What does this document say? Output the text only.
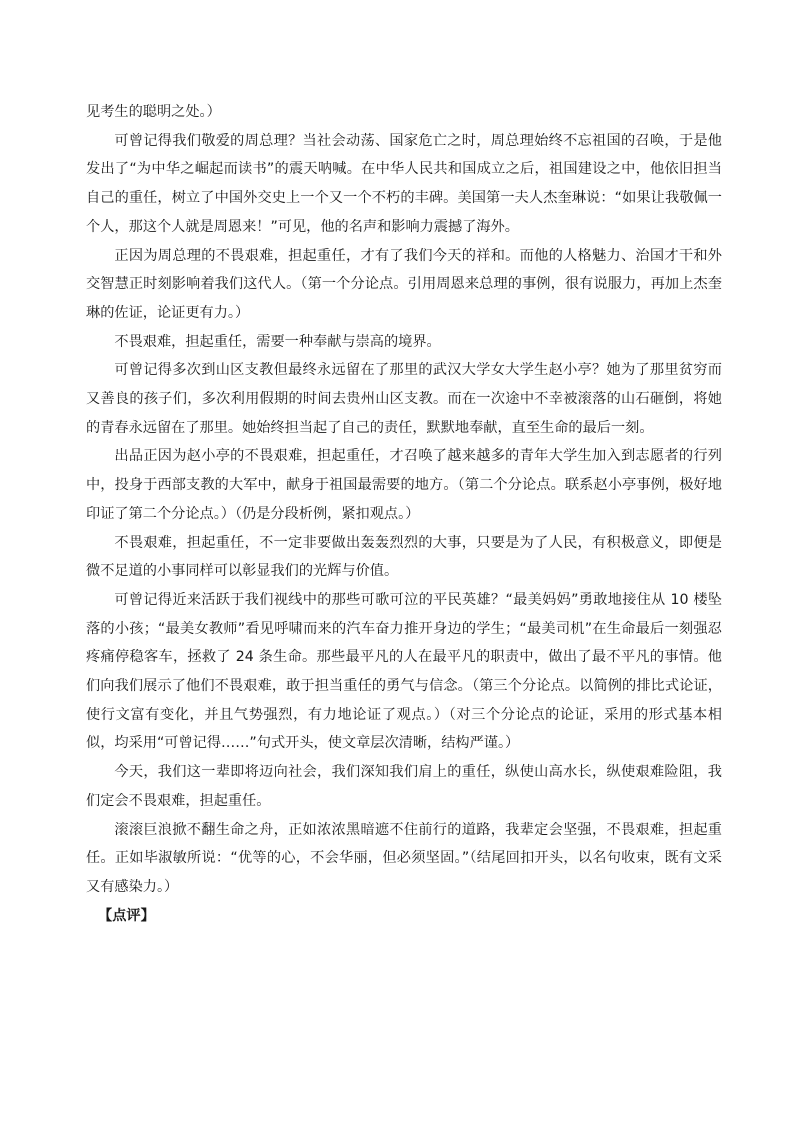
见考生的聪明之处。）

可曾记得我们敬爱的周总理？当社会动荡、国家危亡之时，周总理始终不忘祖国的召唤，于是他发出了“为中华之崛起而读书”的震天呐喊。在中华人民共和国成立之后，祖国建设之中，他依旧担当自己的重任，树立了中国外交史上一个又一个不朽的丰碑。美国第一夫人杰奎琳说：“如果让我敬佩一个人，那这个人就是周恩来！”可见，他的名声和影响力震撼了海外。

正因为周总理的不畏艰难，担起重任，才有了我们今天的祥和。而他的人格魅力、治国才干和外交智慧正时刻影响着我们这代人。（第一个分论点。引用周恩来总理的事例，很有说服力，再加上杰奎琳的佐证，论证更有力。）

不畏艰难，担起重任，需要一种奉献与崇高的境界。

可曾记得多次到山区支教但最终永远留在了那里的武汉大学女大学生赵小亭？她为了那里贫穷而又善良的孩子们，多次利用假期的时间去贵州山区支教。而在一次途中不幸被滚落的山石砸倒，将她的青春永远留在了那里。她始终担当起了自己的责任，默默地奉献，直至生命的最后一刻。

出品正因为赵小亭的不畏艰难，担起重任，才召唤了越来越多的青年大学生加入到志愿者的行列中，投身于西部支教的大军中，献身于祖国最需要的地方。（第二个分论点。联系赵小亭事例，极好地印证了第二个分论点。）（仍是分段析例，紧扣观点。）

不畏艰难，担起重任，不一定非要做出轰轰烈烈的大事，只要是为了人民，有积极意义，即便是微不足道的小事同样可以彰显我们的光辉与价值。

可曾记得近来活跃于我们视线中的那些可歌可泣的平民英雄？“最美妈妈”勇敢地接住从 10 楼坠落的小孩；“最美女教师”看见呼啸而来的汽车奋力推开身边的学生；“最美司机”在生命最后一刻强忍疼痛停稳客车，拯救了 24 条生命。那些最平凡的人在最平凡的职责中，做出了最不平凡的事情。他们向我们展示了他们不畏艰难，敢于担当重任的勇气与信念。（第三个分论点。以简例的排比式论证，使行文富有变化，并且气势强烈，有力地论证了观点。）（对三个分论点的论证，采用的形式基本相似，均采用“可曾记得……”句式开头，使文章层次清晰，结构严谨。）

今天，我们这一辈即将迈向社会，我们深知我们肩上的重任，纵使山高水长，纵使艰难险阻，我们定会不畏艰难，担起重任。

滚滚巨浪掀不翻生命之舟，正如浓浓黑暗遮不住前行的道路，我辈定会坚强，不畏艰难，担起重任。正如毕淑敏所说：“优等的心，不会华丽，但必须坚固。”（结尾回扣开头，以名句收束，既有文采又有感染力。）

【点评】
